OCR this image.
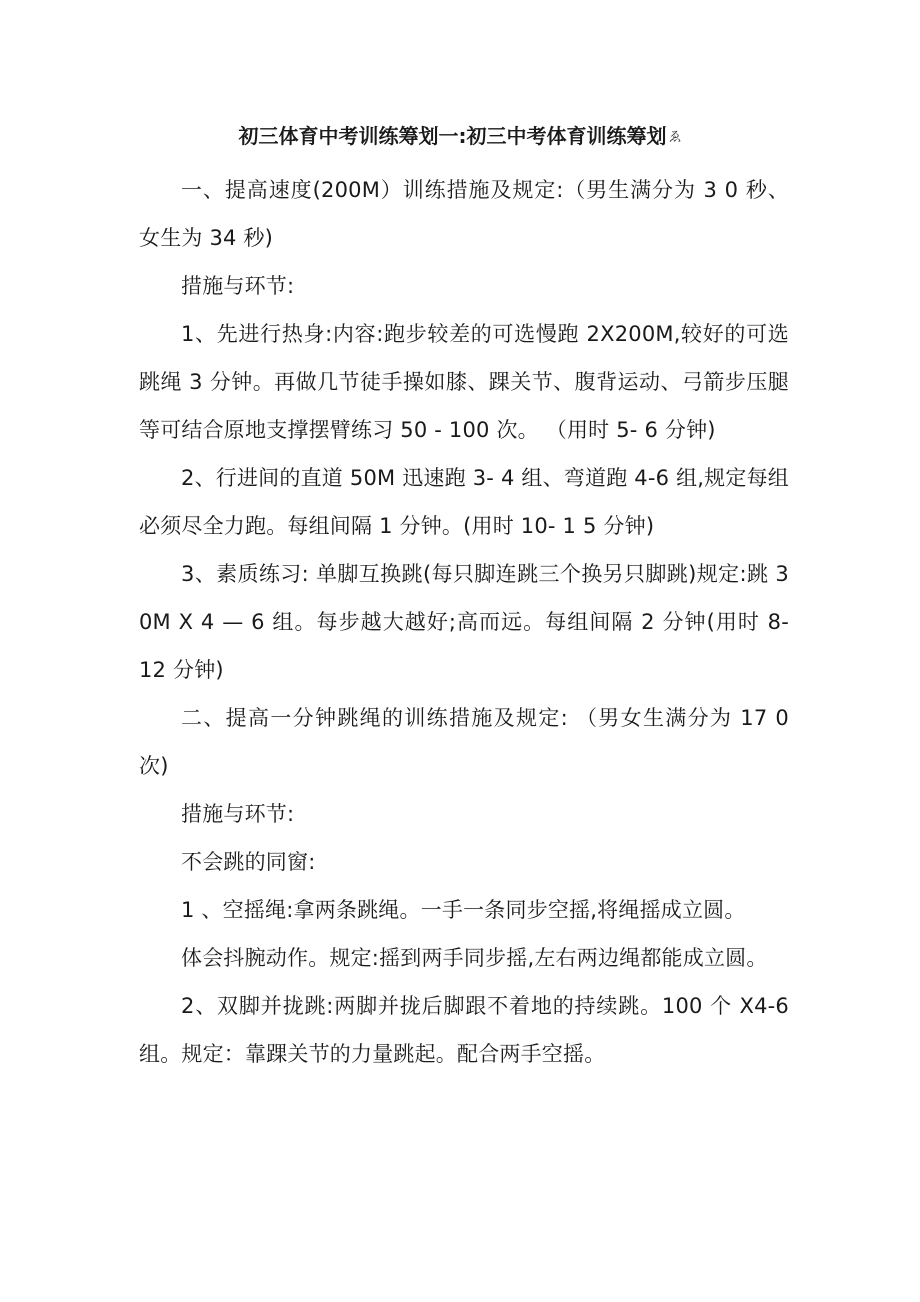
初三体育中考训练筹划一:初三中考体育训练筹划 ゑ

一、提高速度(200M）训练措施及规定:（男生满分为 3 0 秒、女生为 34 秒)

措施与环节:

1、先进行热身:内容:跑步较差的可选慢跑 2X200M,较好的可选跳绳 3 分钟。再做几节徒手操如膝、踝关节、腹背运动、弓箭步压腿等可结合原地支撑摆臂练习 50 - 100 次。 （用时 5- 6 分钟)

2、行进间的直道 50M 迅速跑 3- 4 组、弯道跑 4-6 组,规定每组必须尽全力跑。每组间隔 1 分钟。(用时 10- 1 5 分钟)

3、素质练习: 单脚互换跳(每只脚连跳三个换另只脚跳)规定:跳 3 0M X 4 — 6 组。每步越大越好;高而远。每组间隔 2 分钟(用时 8-12 分钟)

二、提高一分钟跳绳的训练措施及规定: （男女生满分为 17 0 次)

措施与环节:

不会跳的同窗:

1 、空摇绳:拿两条跳绳。一手一条同步空摇,将绳摇成立圆。

体会抖腕动作。规定:摇到两手同步摇,左右两边绳都能成立圆。

2、双脚并拢跳:两脚并拢后脚跟不着地的持续跳。100 个 X4-6 组。规定：靠踝关节的力量跳起。配合两手空摇。
